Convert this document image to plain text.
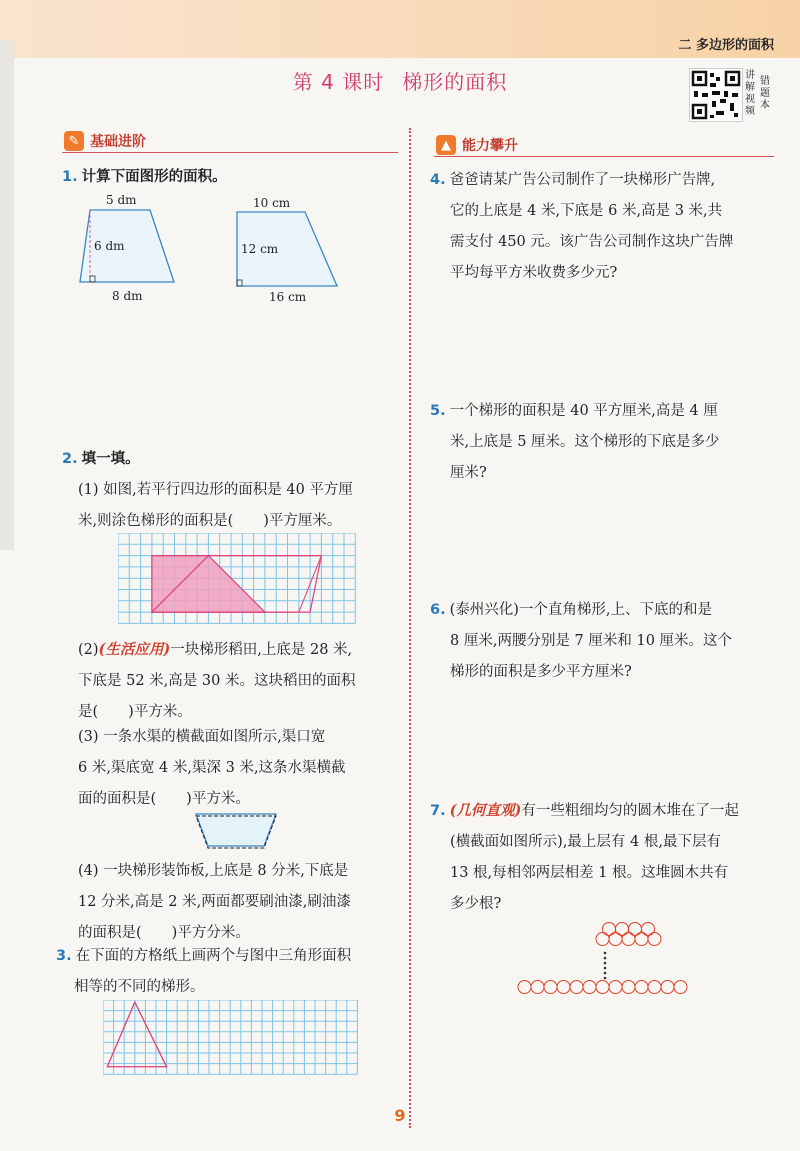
二 多边形的面积
第 4 课时 梯形的面积	讲
解
视
频
错
题
本
✎ 基础进阶	▲ 能力攀升
1. 计算下面图形的面积。
5 dm
6 dm
8 dm
10 cm
12 cm
16 cm
2. 填一填。
(1) 如图,若平行四边形的面积是 40 平方厘
米,则涂色梯形的面积是( )平方厘米。
(2)(生活应用)一块梯形稻田,上底是 28 米,
下底是 52 米,高是 30 米。这块稻田的面积
是( )平方米。
(3) 一条水渠的横截面如图所示,渠口宽
6 米,渠底宽 4 米,渠深 3 米,这条水渠横截
面的面积是( )平方米。
(4) 一块梯形装饰板,上底是 8 分米,下底是
12 分米,高是 2 米,两面都要刷油漆,刷油漆
的面积是( )平方分米。
3. 在下面的方格纸上画两个与图中三角形面积
相等的不同的梯形。
4. 爸爸请某广告公司制作了一块梯形广告牌,
它的上底是 4 米,下底是 6 米,高是 3 米,共
需支付 450 元。该广告公司制作这块广告牌
平均每平方米收费多少元?
5. 一个梯形的面积是 40 平方厘米,高是 4 厘
米,上底是 5 厘米。这个梯形的下底是多少
厘米?
6. (泰州兴化)一个直角梯形,上、下底的和是
8 厘米,两腰分别是 7 厘米和 10 厘米。这个
梯形的面积是多少平方厘米?
7. (几何直观)有一些粗细均匀的圆木堆在了一起
(横截面如图所示),最上层有 4 根,最下层有
13 根,每相邻两层相差 1 根。这堆圆木共有
多少根?
9
